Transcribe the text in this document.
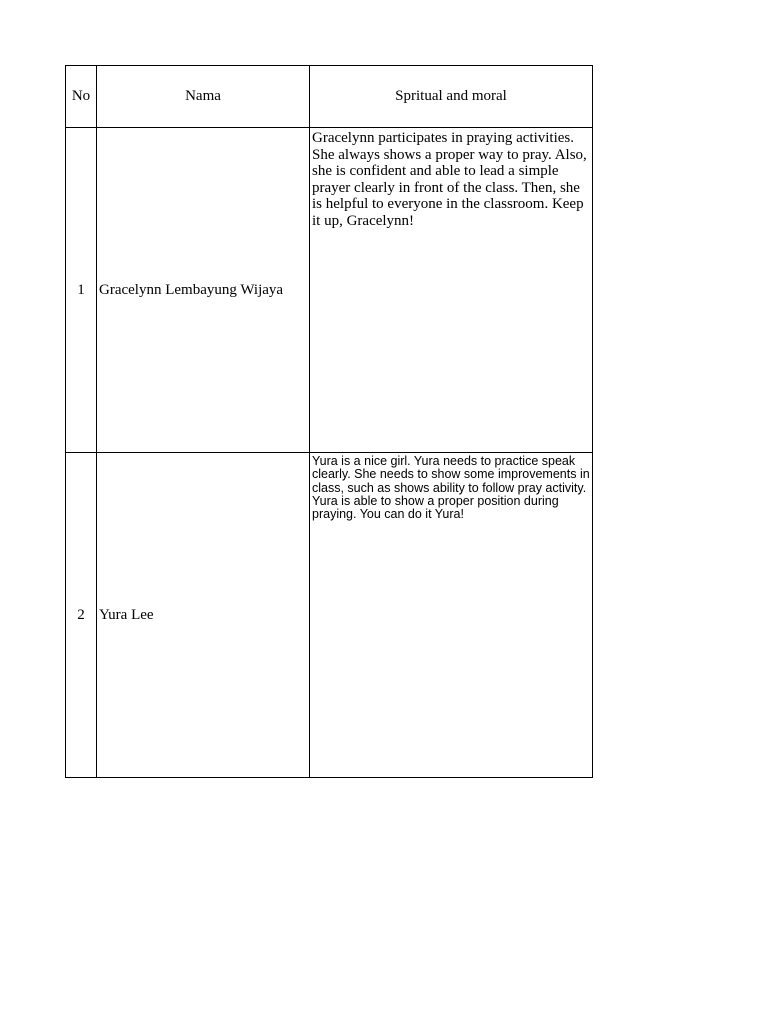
No	Nama	Spritual and moral
1	Gracelynn Lembayung Wijaya	Gracelynn participates in praying activities. She always shows a proper way to pray. Also, she is confident and able to lead a simple prayer clearly in front of the class. Then, she is helpful to everyone in the classroom. Keep it up, Gracelynn!

2	Yura Lee	Yura is a nice girl. Yura needs to practice speak clearly. She needs to show some improvements in class, such as shows ability to follow pray activity. Yura is able to show a proper position during praying. You can do it Yura!
